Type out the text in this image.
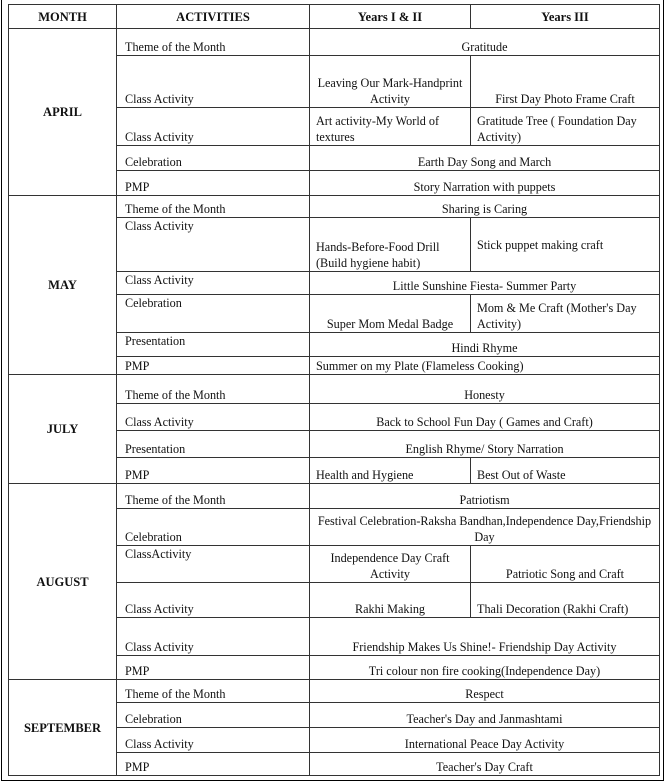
MONTH	ACTIVITIES	Years I & II	Years III
APRIL	Theme of the Month	Gratitude	
	Class Activity	Leaving Our Mark-Handprint Activity	First Day Photo Frame Craft
	Class Activity	Art activity-My World of textures	Gratitude Tree ( Foundation Day Activity)
	Celebration	Earth Day Song and March	
	PMP	Story Narration with puppets	
MAY	Theme of the Month	Sharing is Caring	
	Class Activity	Hands-Before-Food Drill (Build hygiene habit)	Stick puppet making craft
	Class Activity	Little Sunshine Fiesta- Summer Party	
	Celebration	Super Mom Medal Badge	Mom & Me Craft (Mother's Day Activity)
	Presentation	Hindi Rhyme	
	PMP	Summer on my Plate (Flameless Cooking)	
JULY	Theme of the Month	Honesty	
	Class Activity	Back to School Fun Day ( Games and Craft)	
	Presentation	English Rhyme/ Story Narration	
	PMP	Health and Hygiene	Best Out of Waste
AUGUST	Theme of the Month	Patriotism	
	Celebration	Festival Celebration-Raksha Bandhan,Independence Day,Friendship Day	
	ClassActivity	Independence Day Craft Activity	Patriotic Song and Craft
	Class Activity	Rakhi Making	Thali Decoration (Rakhi Craft)
	Class Activity	Friendship Makes Us Shine!- Friendship Day Activity	
	PMP	Tri colour non fire cooking(Independence Day)	
SEPTEMBER	Theme of the Month	Respect	
	Celebration	Teacher's Day and Janmashtami	
	Class Activity	International Peace Day Activity	
	PMP	Teacher's Day Craft	
